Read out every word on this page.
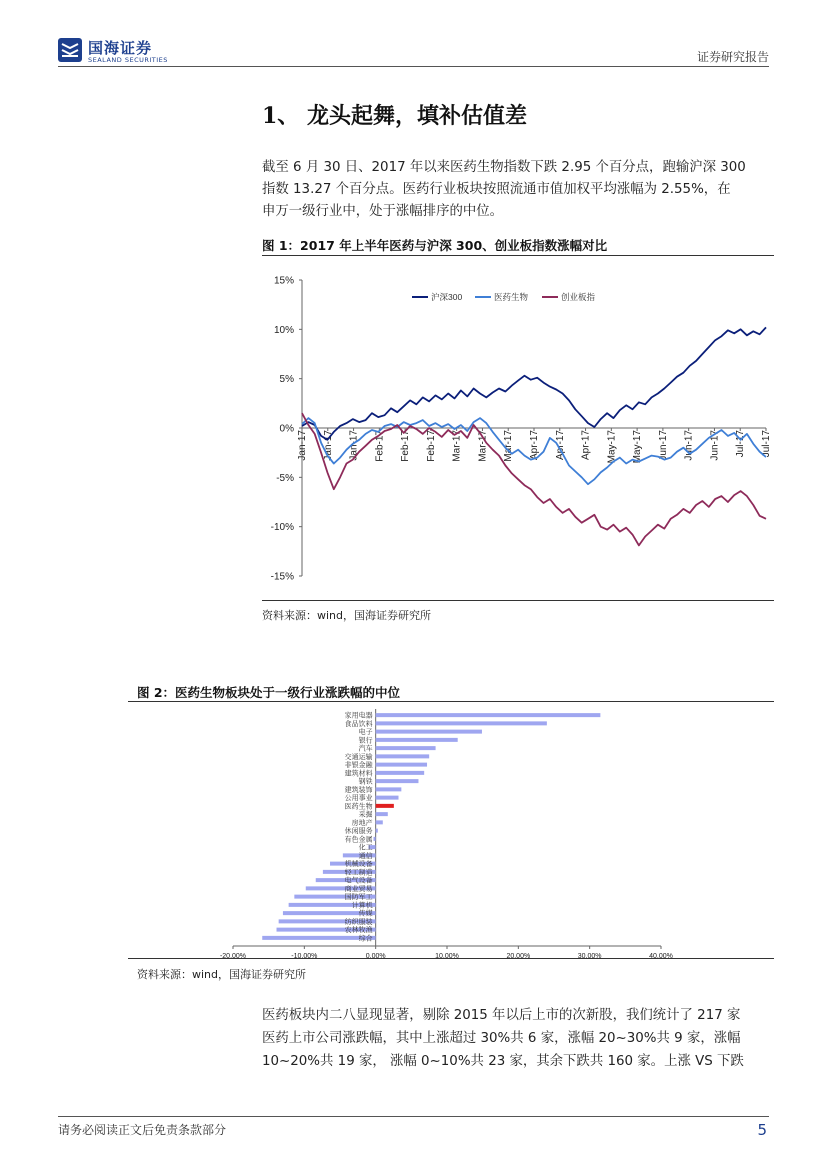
国海证券
SEALAND SECURITIES	证券研究报告
1、 龙头起舞，填补估值差
截至 6 月 30 日、2017 年以来医药生物指数下跌 2.95 个百分点，跑输沪深 300
指数 13.27 个百分点。医药行业板块按照流通市值加权平均涨幅为 2.55%，在
申万一级行业中，处于涨幅排序的中位。
图 1：2017 年上半年医药与沪深 300、创业板指数涨幅对比
15%
10%
5%
0%
-5%
-10%
-15%
Jan-17 Jan-17 Jan-17 Feb-17 Feb-17 Feb-17 Mar-17 Mar-17 Mar-17 Apr-17 Apr-17 Apr-17 May-17 May-17 Jun-17 Jun-17 Jun-17 Jul-17 Jul-17
沪深300	医药生物	创业板指
资料来源：wind，国海证券研究所
图 2：医药生物板块处于一级行业涨跌幅的中位
家用电器
食品饮料
电子
银行
汽车
交通运输
非银金融
建筑材料
钢铁
建筑装饰
公用事业
医药生物
采掘
房地产
休闲服务
有色金属
化工
通信
机械设备
轻工制造
电气设备
商业贸易
国防军工
计算机
传媒
纺织服装
农林牧渔
综合
-20.00%	-10.00%	0.00%	10.00%	20.00%	30.00%	40.00%
资料来源：wind，国海证券研究所
医药板块内二八显现显著，剔除 2015 年以后上市的次新股，我们统计了 217 家
医药上市公司涨跌幅，其中上涨超过 30%共 6 家，涨幅 20~30%共 9 家，涨幅
10~20%共 19 家， 涨幅 0~10%共 23 家，其余下跌共 160 家。上涨 VS 下跌
请务必阅读正文后免责条款部分	5
